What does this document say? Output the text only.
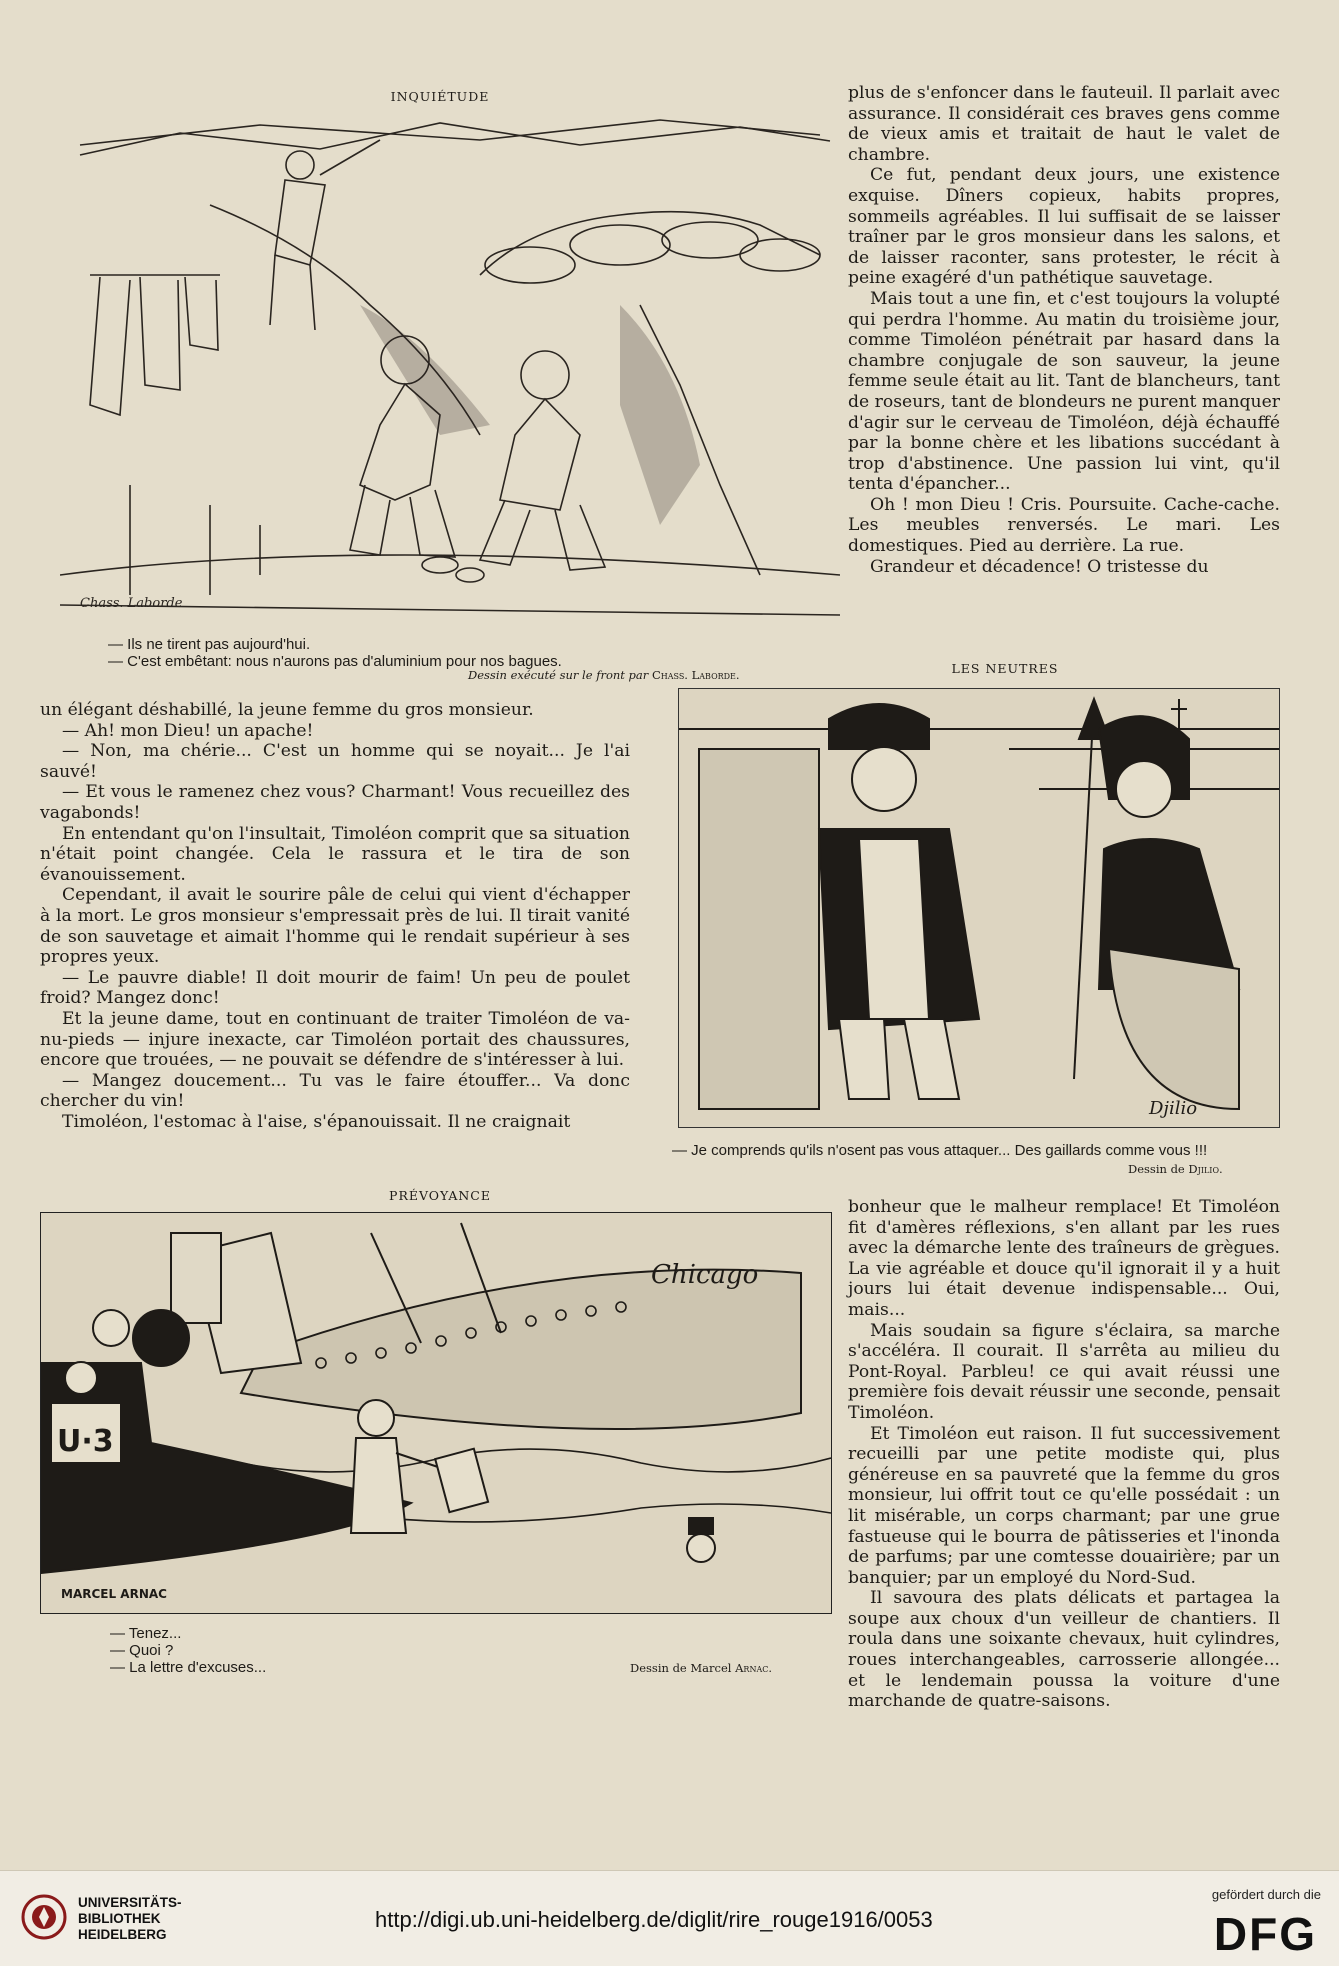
INQUIÉTUDE
Chass. Laborde
— Ils ne tirent pas aujourd'hui.
— C'est embêtant: nous n'aurons pas d'aluminium pour nos bagues.
Dessin exécuté sur le front par Chass. Laborde.

plus de s'enfoncer dans le fauteuil. Il parlait avec assurance. Il considérait ces braves gens comme de vieux amis et traitait de haut le valet de chambre.

Ce fut, pendant deux jours, une existence exquise. Dîners copieux, habits propres, sommeils agréables. Il lui suffisait de se laisser traîner par le gros monsieur dans les salons, et de laisser raconter, sans protester, le récit à peine exagéré d'un pathétique sauvetage.

Mais tout a une fin, et c'est toujours la volupté qui perdra l'homme. Au matin du troisième jour, comme Timoléon pénétrait par hasard dans la chambre conjugale de son sauveur, la jeune femme seule était au lit. Tant de blancheurs, tant de roseurs, tant de blondeurs ne purent manquer d'agir sur le cerveau de Timoléon, déjà échauffé par la bonne chère et les libations succédant à trop d'abstinence. Une passion lui vint, qu'il tenta d'épancher...

Oh ! mon Dieu ! Cris. Poursuite. Cache-cache. Les meubles renversés. Le mari. Les domestiques. Pied au derrière. La rue.

Grandeur et décadence! O tristesse du

LES NEUTRES
Djilio
— Je comprends qu'ils n'osent pas vous attaquer... Des gaillards comme vous !!!
Dessin de Djilio.

un élégant déshabillé, la jeune femme du gros monsieur.

— Ah! mon Dieu! un apache!

— Non, ma chérie... C'est un homme qui se noyait... Je l'ai sauvé!

— Et vous le ramenez chez vous? Charmant! Vous recueillez des vagabonds!

En entendant qu'on l'insultait, Timoléon comprit que sa situation n'était point changée. Cela le rassura et le tira de son évanouissement.

Cependant, il avait le sourire pâle de celui qui vient d'échapper à la mort. Le gros monsieur s'empressait près de lui. Il tirait vanité de son sauvetage et aimait l'homme qui le rendait supérieur à ses propres yeux.

— Le pauvre diable! Il doit mourir de faim! Un peu de poulet froid? Mangez donc!

Et la jeune dame, tout en continuant de traiter Timoléon de va-nu-pieds — injure inexacte, car Timoléon portait des chaussures, encore que trouées, — ne pouvait se défendre de s'intéresser à lui.

— Mangez doucement... Tu vas le faire étouffer... Va donc chercher du vin!

Timoléon, l'estomac à l'aise, s'épanouissait. Il ne craignait

PRÉVOYANCE
Chicago
U·3
MARCEL ARNAC
— Tenez...
— Quoi ?
— La lettre d'excuses...	Dessin de Marcel Arnac.

bonheur que le malheur remplace! Et Timoléon fit d'amères réflexions, s'en allant par les rues avec la démarche lente des traîneurs de grègues. La vie agréable et douce qu'il ignorait il y a huit jours lui était devenue indispensable... Oui, mais...

Mais soudain sa figure s'éclaira, sa marche s'accéléra. Il courait. Il s'arrêta au milieu du Pont-Royal. Parbleu! ce qui avait réussi une première fois devait réussir une seconde, pensait Timoléon.

Et Timoléon eut raison. Il fut successivement recueilli par une petite modiste qui, plus généreuse en sa pauvreté que la femme du gros monsieur, lui offrit tout ce qu'elle possédait : un lit misérable, un corps charmant; par une grue fastueuse qui le bourra de pâtisseries et l'inonda de parfums; par une comtesse douairière; par un banquier; par un employé du Nord-Sud.

Il savoura des plats délicats et partagea la soupe aux choux d'un veilleur de chantiers. Il roula dans une soixante chevaux, huit cylindres, roues interchangeables, carrosserie allongée... et le lendemain poussa la voiture d'une marchande de quatre-saisons.

UNIVERSITÄTS-
BIBLIOTHEK
HEIDELBERG
http://digi.ub.uni-heidelberg.de/diglit/rire_rouge1916/0053
gefördert durch die
DFG
